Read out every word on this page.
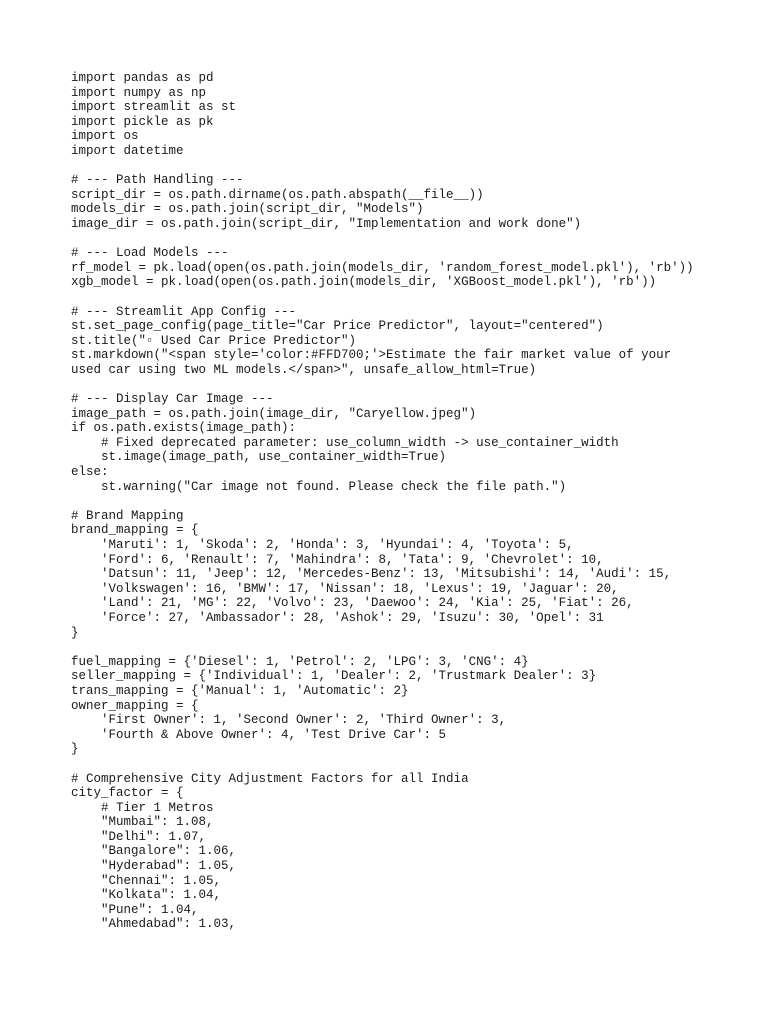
import pandas as pd
import numpy as np
import streamlit as st
import pickle as pk
import os
import datetime
# --- Path Handling ---
script_dir = os.path.dirname(os.path.abspath(__file__))
models_dir = os.path.join(script_dir, "Models")
image_dir = os.path.join(script_dir, "Implementation and work done")
# --- Load Models ---
rf_model = pk.load(open(os.path.join(models_dir, 'random_forest_model.pkl'), 'rb'))
xgb_model = pk.load(open(os.path.join(models_dir, 'XGBoost_model.pkl'), 'rb'))
# --- Streamlit App Config ---
st.set_page_config(page_title="Car Price Predictor", layout="centered")
st.title("▫ Used Car Price Predictor")
st.markdown("<span style='color:#FFD700;'>Estimate the fair market value of your
used car using two ML models.</span>", unsafe_allow_html=True)
# --- Display Car Image ---
image_path = os.path.join(image_dir, "Caryellow.jpeg")
if os.path.exists(image_path):
# Fixed deprecated parameter: use_column_width -> use_container_width
st.image(image_path, use_container_width=True)
else:
st.warning("Car image not found. Please check the file path.")
# Brand Mapping
brand_mapping = {
'Maruti': 1, 'Skoda': 2, 'Honda': 3, 'Hyundai': 4, 'Toyota': 5,
'Ford': 6, 'Renault': 7, 'Mahindra': 8, 'Tata': 9, 'Chevrolet': 10,
'Datsun': 11, 'Jeep': 12, 'Mercedes-Benz': 13, 'Mitsubishi': 14, 'Audi': 15,
'Volkswagen': 16, 'BMW': 17, 'Nissan': 18, 'Lexus': 19, 'Jaguar': 20,
'Land': 21, 'MG': 22, 'Volvo': 23, 'Daewoo': 24, 'Kia': 25, 'Fiat': 26,
'Force': 27, 'Ambassador': 28, 'Ashok': 29, 'Isuzu': 30, 'Opel': 31
}
fuel_mapping = {'Diesel': 1, 'Petrol': 2, 'LPG': 3, 'CNG': 4}
seller_mapping = {'Individual': 1, 'Dealer': 2, 'Trustmark Dealer': 3}
trans_mapping = {'Manual': 1, 'Automatic': 2}
owner_mapping = {
'First Owner': 1, 'Second Owner': 2, 'Third Owner': 3,
'Fourth & Above Owner': 4, 'Test Drive Car': 5
}
# Comprehensive City Adjustment Factors for all India
city_factor = {
# Tier 1 Metros
"Mumbai": 1.08,
"Delhi": 1.07,
"Bangalore": 1.06,
"Hyderabad": 1.05,
"Chennai": 1.05,
"Kolkata": 1.04,
"Pune": 1.04,
"Ahmedabad": 1.03,
